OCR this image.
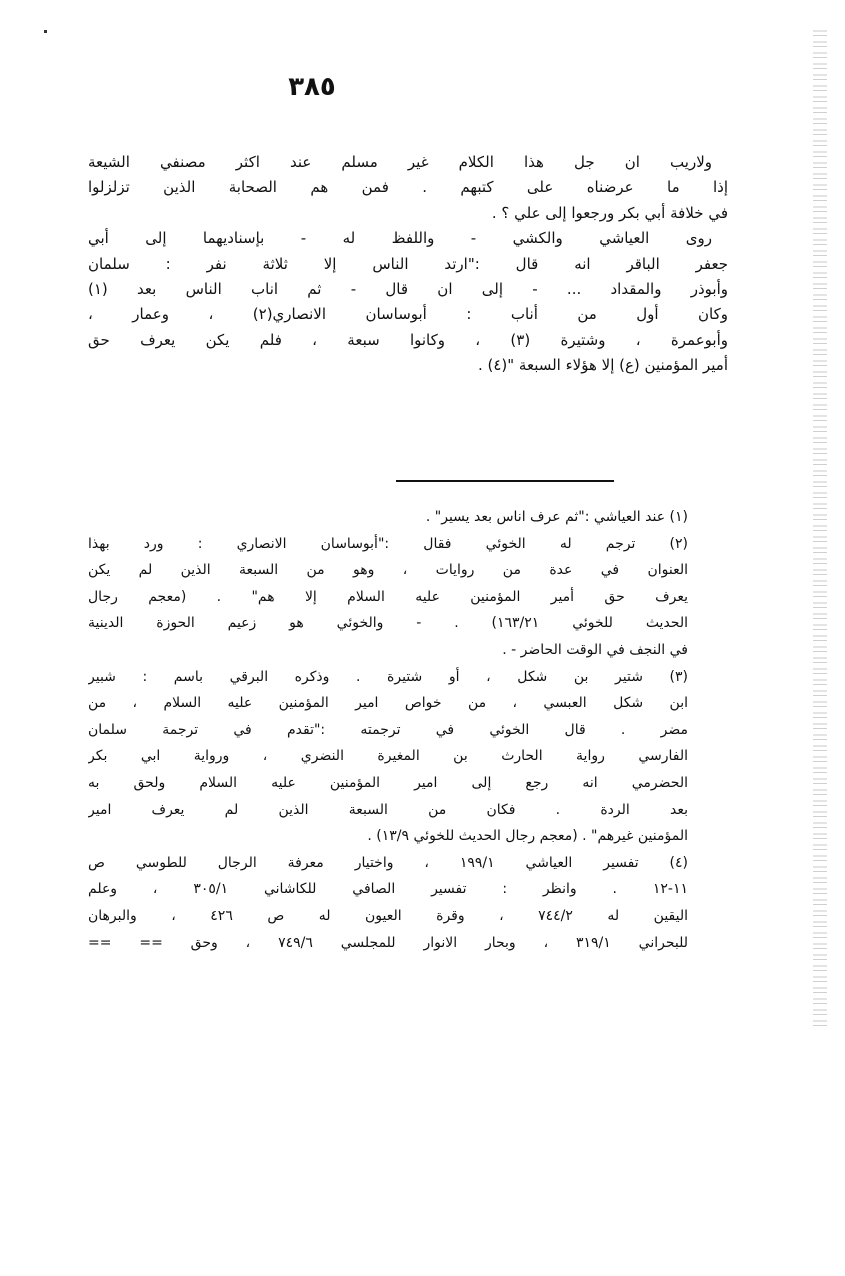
٣٨٥

ولاريب ان جل هذا الكلام غير مسلم عند اكثر مصنفي الشيعة
إذا ما عرضناه على كتبهم . فمن هم الصحابة الذين تزلزلوا
في خلافة أبي بكر ورجعوا إلى علي ؟ .

روى العياشي والكشي - واللفظ له - بإسناديهما إلى أبي
جعفر الباقر انه قال :"ارتد الناس إلا ثلاثة نفر : سلمان
وأبوذر والمقداد ... - إلى ان قال - ثم اناب الناس بعد (١)
وكان أول من أناب : أبوساسان الانصاري(٢) ، وعمار ،
وأبوعمرة ، وشتيرة (٣) ، وكانوا سبعة ، فلم يكن يعرف حق
أمير المؤمنين (ع) إلا هؤلاء السبعة "(٤) .

(١) عند العياشي :"ثم عرف اناس بعد يسير" .

(٢) ترجم له الخوئي فقال :"أبوساسان الانصاري : ورد بهذا
العنوان في عدة من روايات ، وهو من السبعة الذين لم يكن
يعرف حق أمير المؤمنين عليه السلام إلا هم" . (معجم رجال
الحديث للخوئي ١٦٣/٢١) . - والخوئي هو زعيم الحوزة الدينية
في النجف في الوقت الحاضر - .

(٣) شتير بن شكل ، أو شتيرة . وذكره البرقي باسم : شبير
ابن شكل العبسي ، من خواص امير المؤمنين عليه السلام ، من
مضر . قال الخوئي في ترجمته :"تقدم في ترجمة سلمان
الفارسي رواية الحارث بن المغيرة النضري ، ورواية ابي بكر
الحضرمي انه رجع إلى امير المؤمنين عليه السلام ولحق به
بعد الردة . فكان من السبعة الذين لم يعرف امير
المؤمنين غيرهم" . (معجم رجال الحديث للخوئي ١٣/٩) .

(٤) تفسير العياشي ١٩٩/١ ، واختيار معرفة الرجال للطوسي ص
١١-١٢ . وانظر : تفسير الصافي للكاشاني ٣٠٥/١ ، وعلم
اليقين له ٧٤٤/٢ ، وقرة العيون له ص ٤٢٦ ، والبرهان
للبحراني ٣١٩/١ ، وبحار الانوار للمجلسي ٧٤٩/٦ ، وحق == ==
